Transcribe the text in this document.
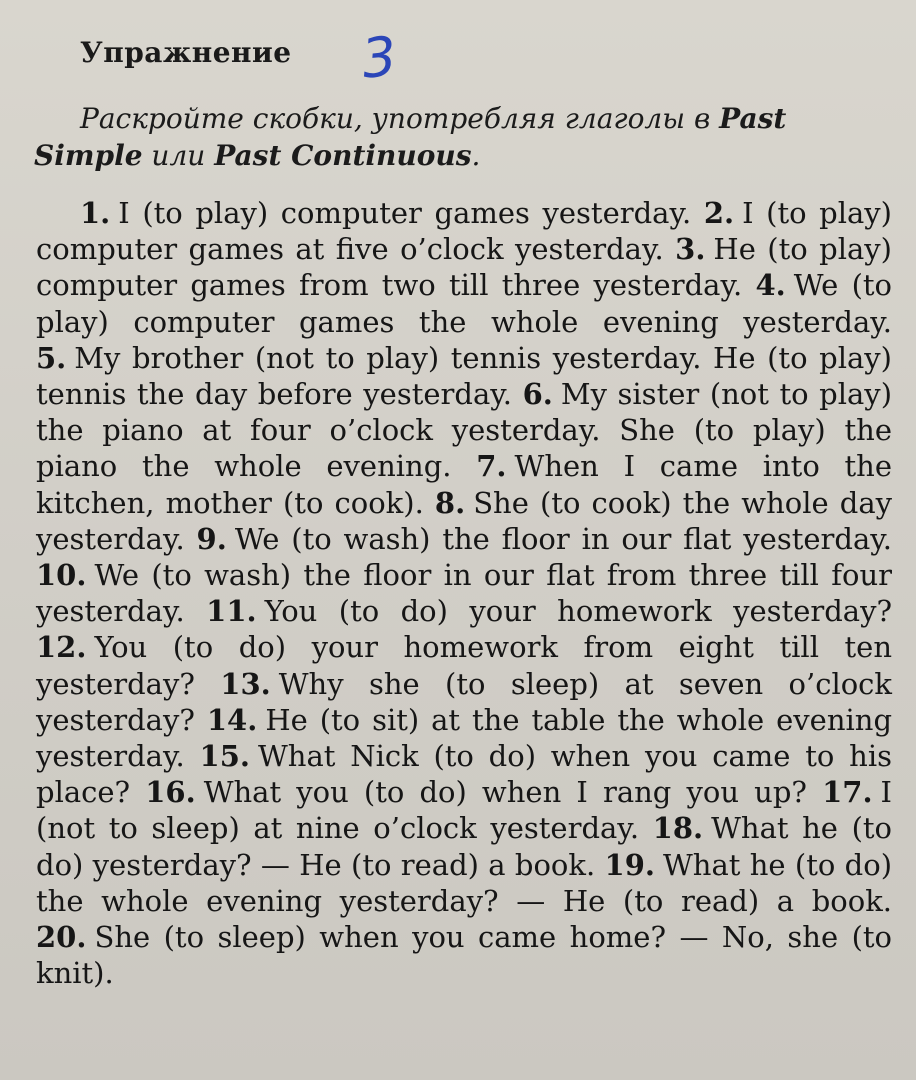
Упражнение 3
Раскройте скобки, употребляя глаголы в Past Simple или Past Continuous.
1. I (to play) computer games yesterday. 2. I (to play) computer games at five o’clock yesterday. 3. He (to play) computer games from two till three yesterday. 4. We (to play) computer games the whole evening yesterday. 5. My brother (not to play) tennis yesterday. He (to play) tennis the day before yesterday. 6. My sister (not to play) the piano at four o’clock yesterday. She (to play) the piano the whole evening. 7. When I came into the kitchen, mother (to cook). 8. She (to cook) the whole day yesterday. 9. We (to wash) the floor in our flat yesterday. 10. We (to wash) the floor in our flat from three till four yesterday. 11. You (to do) your homework yesterday? 12. You (to do) your homework from eight till ten yesterday? 13. Why she (to sleep) at seven o’clock yesterday? 14. He (to sit) at the table the whole evening yesterday. 15. What Nick (to do) when you came to his place? 16. What you (to do) when I rang you up? 17. I (not to sleep) at nine o’clock yesterday. 18. What he (to do) yesterday? — He (to read) a book. 19. What he (to do) the whole evening yesterday? — He (to read) a book. 20. She (to sleep) when you came home? — No, she (to knit).
